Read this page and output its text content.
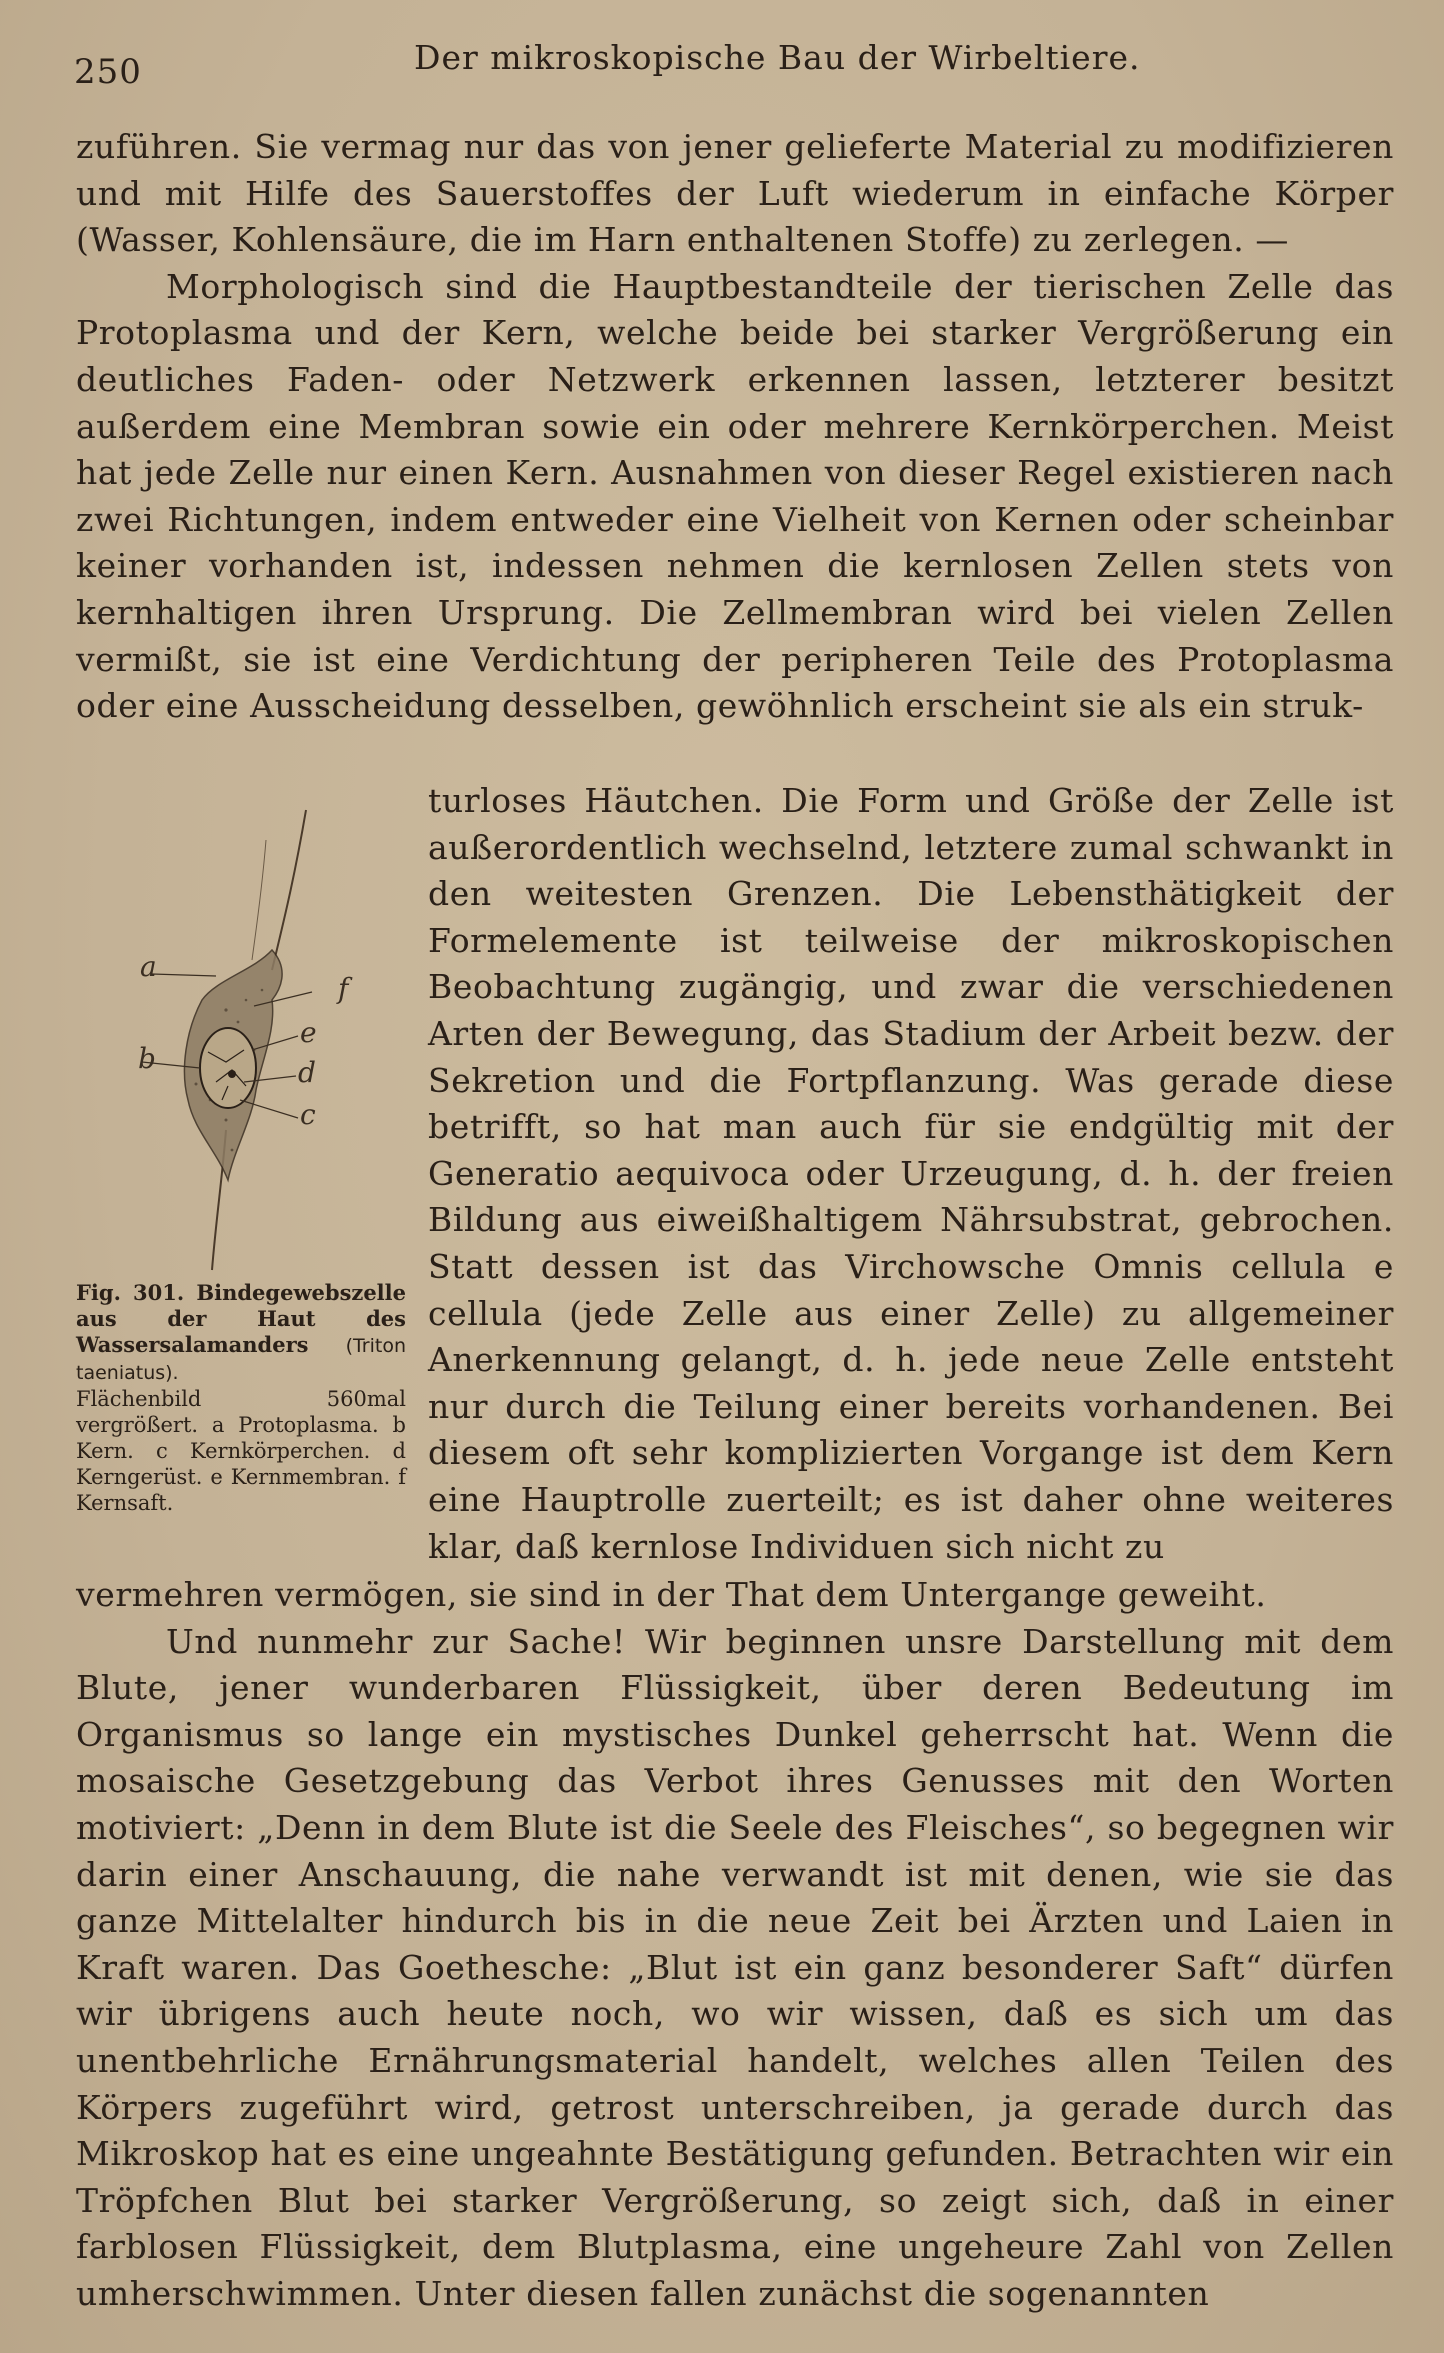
250	Der mikroskopische Bau der Wirbeltiere.

zuführen. Sie vermag nur das von jener gelieferte Material zu modifizieren und mit Hilfe des Sauerstoffes der Luft wiederum in einfache Körper (Wasser, Kohlensäure, die im Harn enthaltenen Stoffe) zu zerlegen. —

Morphologisch sind die Hauptbestandteile der tierischen Zelle das Protoplasma und der Kern, welche beide bei starker Vergrößerung ein deutliches Faden- oder Netzwerk erkennen lassen, letzterer besitzt außerdem eine Membran sowie ein oder mehrere Kernkörperchen. Meist hat jede Zelle nur einen Kern. Ausnahmen von dieser Regel existieren nach zwei Richtungen, indem entweder eine Vielheit von Kernen oder scheinbar keiner vorhanden ist, indessen nehmen die kernlosen Zellen stets von kernhaltigen ihren Ursprung. Die Zellmembran wird bei vielen Zellen vermißt, sie ist eine Verdichtung der peripheren Teile des Protoplasma oder eine Ausscheidung desselben, gewöhnlich erscheint sie als ein struk-

a
f
e
b	d
c

Fig. 301. Bindegewebszelle aus der Haut des Wassersalamanders (Triton taeniatus).

Flächenbild 560mal vergrößert. a Protoplasma. b Kern. c Kernkörperchen. d Kerngerüst. e Kernmembran. f Kernsaft.

turloses Häutchen. Die Form und Größe der Zelle ist außerordentlich wechselnd, letztere zumal schwankt in den weitesten Grenzen. Die Lebensthätigkeit der Formelemente ist teilweise der mikroskopischen Beobachtung zugängig, und zwar die verschiedenen Arten der Bewegung, das Stadium der Arbeit bezw. der Sekretion und die Fortpflanzung. Was gerade diese betrifft, so hat man auch für sie endgültig mit der Generatio aequivoca oder Urzeugung, d. h. der freien Bildung aus eiweißhaltigem Nährsubstrat, gebrochen. Statt dessen ist das Virchowsche Omnis cellula e cellula (jede Zelle aus einer Zelle) zu allgemeiner Anerkennung gelangt, d. h. jede neue Zelle entsteht nur durch die Teilung einer bereits vorhandenen. Bei diesem oft sehr komplizierten Vorgange ist dem Kern eine Hauptrolle zuerteilt; es ist daher ohne weiteres klar, daß kernlose Individuen sich nicht zu

vermehren vermögen, sie sind in der That dem Untergange geweiht.

Und nunmehr zur Sache! Wir beginnen unsre Darstellung mit dem Blute, jener wunderbaren Flüssigkeit, über deren Bedeutung im Organismus so lange ein mystisches Dunkel geherrscht hat. Wenn die mosaische Gesetzgebung das Verbot ihres Genusses mit den Worten motiviert: „Denn in dem Blute ist die Seele des Fleisches“, so begegnen wir darin einer Anschauung, die nahe verwandt ist mit denen, wie sie das ganze Mittelalter hindurch bis in die neue Zeit bei Ärzten und Laien in Kraft waren. Das Goethesche: „Blut ist ein ganz besonderer Saft“ dürfen wir übrigens auch heute noch, wo wir wissen, daß es sich um das unentbehrliche Ernährungsmaterial handelt, welches allen Teilen des Körpers zugeführt wird, getrost unterschreiben, ja gerade durch das Mikroskop hat es eine ungeahnte Bestätigung gefunden. Betrachten wir ein Tröpfchen Blut bei starker Vergrößerung, so zeigt sich, daß in einer farblosen Flüssigkeit, dem Blutplasma, eine ungeheure Zahl von Zellen umherschwimmen. Unter diesen fallen zunächst die sogenannten
